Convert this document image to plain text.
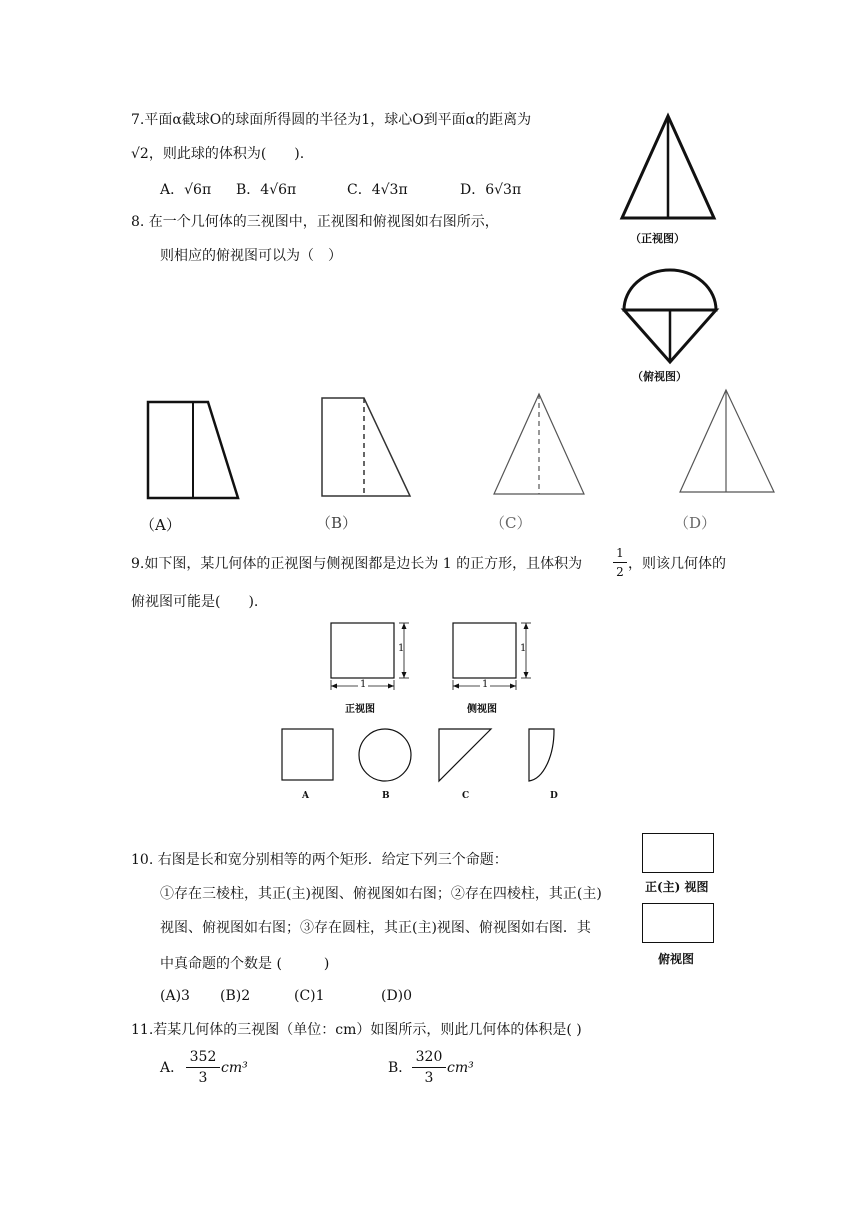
7.平面α截球O的球面所得圆的半径为1，球心O到平面α的距离为
√2，则此球的体积为(　　).
A．√6π B．4√6π	C．4√3π	D．6√3π
8. 在一个几何体的三视图中，正视图和俯视图如右图所示，
则相应的俯视图可以为（　）
（正视图）
（俯视图）
（A）	（B）	（C）	（D）
9.如下图，某几何体的正视图与侧视图都是边长为 1 的正方形，且体积为	$\frac{1}{2}$ ，则该几何体的
俯视图可能是(　　).
1
1
正视图
1
1
侧视图
A	B	C	D
10. 右图是长和宽分别相等的两个矩形．给定下列三个命题：
①存在三棱柱，其正(主)视图、俯视图如右图；②存在四棱柱，其正(主)
视图、俯视图如右图；③存在圆柱，其正(主)视图、俯视图如右图．其
中真命题的个数是 (　　　)
(A)3 (B)2	(C)1	(D)0
正(主) 视图
俯视图
11.若某几何体的三视图（单位：cm）如图所示，则此几何体的体积是( )
A． $\frac{352}{3} cm^3$	B． $\frac{320}{3} cm^3$
